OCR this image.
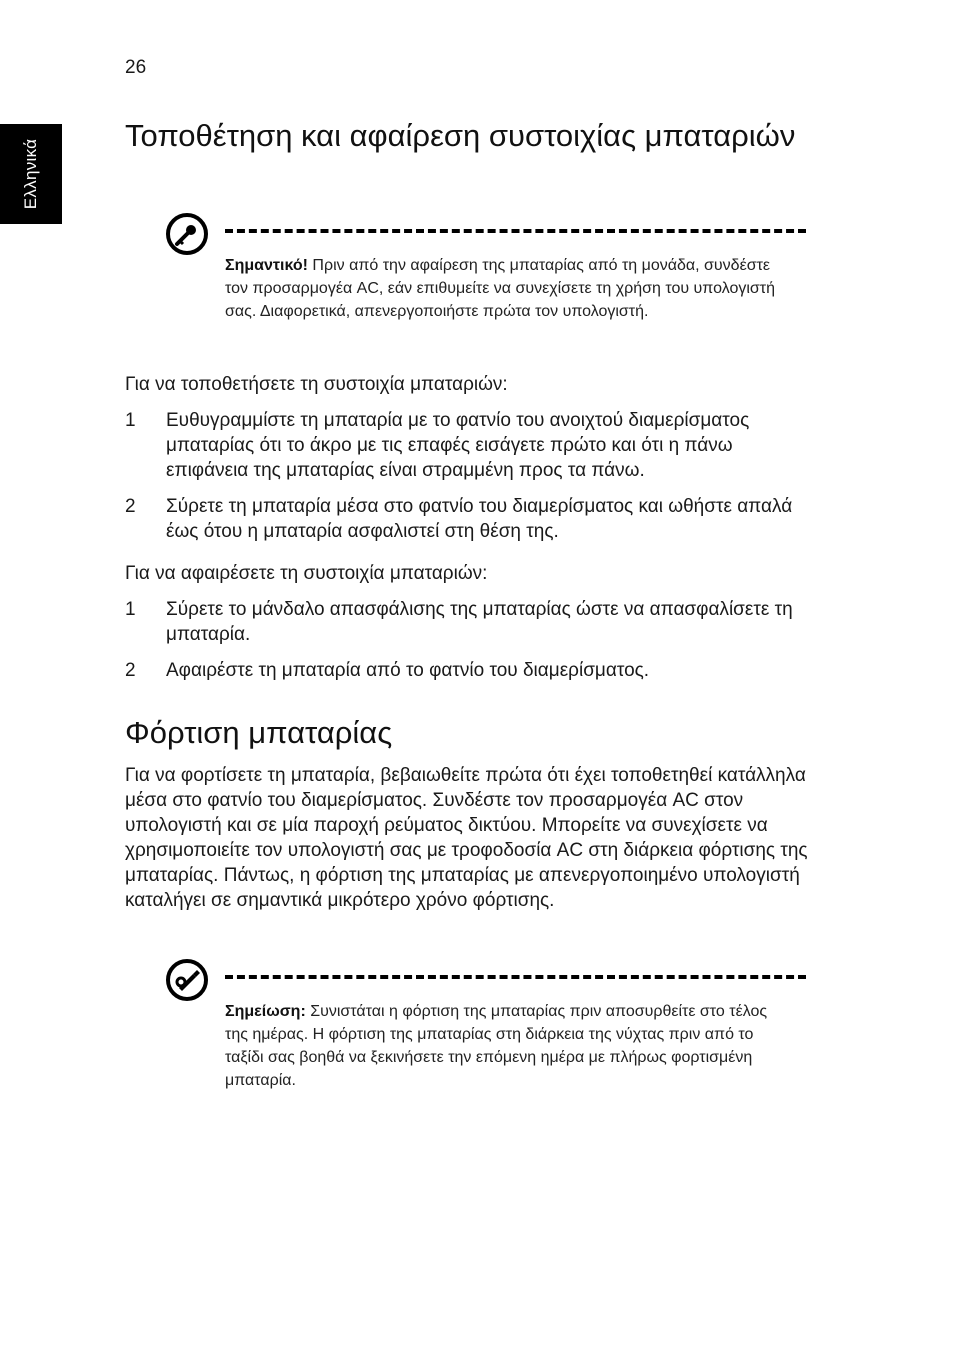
26
Ελληνικά
Τοποθέτηση και αφαίρεση συστοιχίας μπαταριών
Σημαντικό! Πριν από την αφαίρεση της μπαταρίας από τη μονάδα, συνδέστε τον προσαρμογέα AC, εάν επιθυμείτε να συνεχίσετε τη χρήση του υπολογιστή σας. Διαφορετικά, απενεργοποιήστε πρώτα τον υπολογιστή.

Για να τοποθετήσετε τη συστοιχία μπαταριών:

1 Ευθυγραμμίστε τη μπαταρία με το φατνίο του ανοιχτού διαμερίσματος μπαταρίας ότι το άκρο με τις επαφές εισάγετε πρώτο και ότι η πάνω επιφάνεια της μπαταρίας είναι στραμμένη προς τα πάνω.
2 Σύρετε τη μπαταρία μέσα στο φατνίο του διαμερίσματος και ωθήστε απαλά έως ότου η μπαταρία ασφαλιστεί στη θέση της.

Για να αφαιρέσετε τη συστοιχία μπαταριών:

1 Σύρετε το μάνδαλο απασφάλισης της μπαταρίας ώστε να απασφαλίσετε τη μπαταρία.
2 Αφαιρέστε τη μπαταρία από το φατνίο του διαμερίσματος.
Φόρτιση μπαταρίας

Για να φορτίσετε τη μπαταρία, βεβαιωθείτε πρώτα ότι έχει τοποθετηθεί κατάλληλα μέσα στο φατνίο του διαμερίσματος. Συνδέστε τον προσαρμογέα AC στον υπολογιστή και σε μία παροχή ρεύματος δικτύου. Μπορείτε να συνεχίσετε να χρησιμοποιείτε τον υπολογιστή σας με τροφοδοσία AC στη διάρκεια φόρτισης της μπαταρίας. Πάντως, η φόρτιση της μπαταρίας με απενεργοποιημένο υπολογιστή καταλήγει σε σημαντικά μικρότερο χρόνο φόρτισης.

Σημείωση: Συνιστάται η φόρτιση της μπαταρίας πριν αποσυρθείτε στο τέλος της ημέρας. Η φόρτιση της μπαταρίας στη διάρκεια της νύχτας πριν από το ταξίδι σας βοηθά να ξεκινήσετε την επόμενη ημέρα με πλήρως φορτισμένη μπαταρία.
